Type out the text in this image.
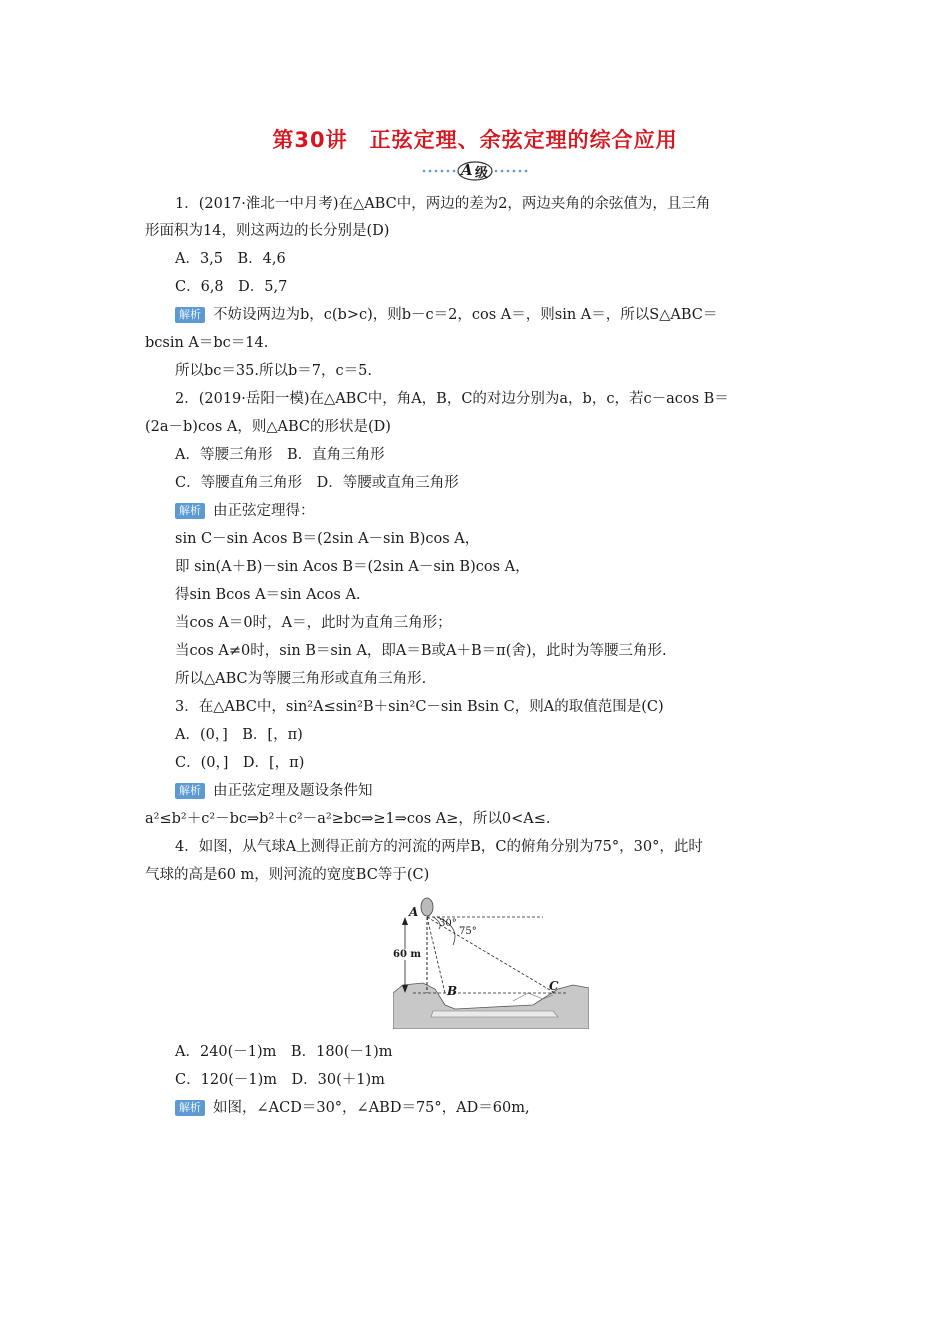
第30讲　正弦定理、余弦定理的综合应用
A 级
1．(2017·淮北一中月考)在△ABC中，两边的差为2，两边夹角的余弦值为，且三角
形面积为14，则这两边的长分别是(D)
A．3,5　B．4,6
C．6,8　D．5,7
解析 不妨设两边为b，c(b>c)，则b－c＝2，cos A＝，则sin A＝，所以S△ABC＝
bcsin A＝bc＝14.
所以bc＝35.所以b＝7，c＝5.
2．(2019·岳阳一模)在△ABC中，角A，B，C的对边分别为a，b，c，若c－acos B＝
(2a－b)cos A，则△ABC的形状是(D)
A．等腰三角形　B．直角三角形
C．等腰直角三角形　D．等腰或直角三角形
解析 由正弦定理得：
sin C－sin Acos B＝(2sin A－sin B)cos A，
即 sin(A＋B)－sin Acos B＝(2sin A－sin B)cos A，
得sin Bcos A＝sin Acos A.
当cos A＝0时，A＝，此时为直角三角形；
当cos A≠0时，sin B＝sin A，即A＝B或A＋B＝π(舍)，此时为等腰三角形.
所以△ABC为等腰三角形或直角三角形.
3．在△ABC中，sin²A≤sin²B＋sin²C－sin Bsin C，则A的取值范围是(C)
A．(0，]　B．[，π)
C．(0，]　D．[，π)
解析 由正弦定理及题设条件知
a²≤b²＋c²－bc⇒b²＋c²－a²≥bc⇒≥1⇒cos A≥，所以0<A≤.
4．如图，从气球A上测得正前方的河流的两岸B，C的俯角分别为75°，30°，此时
气球的高是60 m，则河流的宽度BC等于(C)
A
B	C
60 m
30°
75°
A．240(－1)m　B．180(－1)m
C．120(－1)m　D．30(＋1)m
解析 如图，∠ACD＝30°，∠ABD＝75°，AD＝60m,
